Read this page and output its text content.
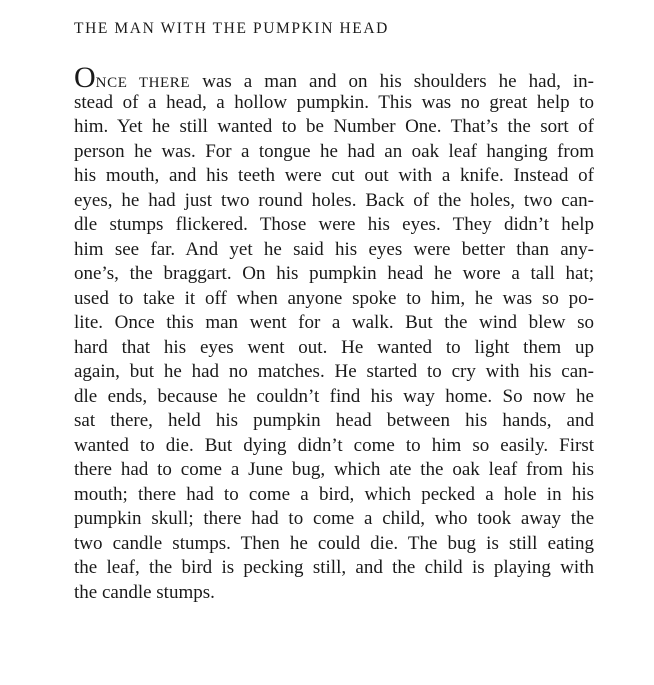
THE MAN WITH THE PUMPKIN HEAD
ONCE THERE was a man and on his shoulders he had, in-
stead of a head, a hollow pumpkin. This was no great help to
him. Yet he still wanted to be Number One. That’s the sort of
person he was. For a tongue he had an oak leaf hanging from
his mouth, and his teeth were cut out with a knife. Instead of
eyes, he had just two round holes. Back of the holes, two can-
dle stumps flickered. Those were his eyes. They didn’t help
him see far. And yet he said his eyes were better than any-
one’s, the braggart. On his pumpkin head he wore a tall hat;
used to take it off when anyone spoke to him, he was so po-
lite. Once this man went for a walk. But the wind blew so
hard that his eyes went out. He wanted to light them up
again, but he had no matches. He started to cry with his can-
dle ends, because he couldn’t find his way home. So now he
sat there, held his pumpkin head between his hands, and
wanted to die. But dying didn’t come to him so easily. First
there had to come a June bug, which ate the oak leaf from his
mouth; there had to come a bird, which pecked a hole in his
pumpkin skull; there had to come a child, who took away the
two candle stumps. Then he could die. The bug is still eating
the leaf, the bird is pecking still, and the child is playing with
the candle stumps.
